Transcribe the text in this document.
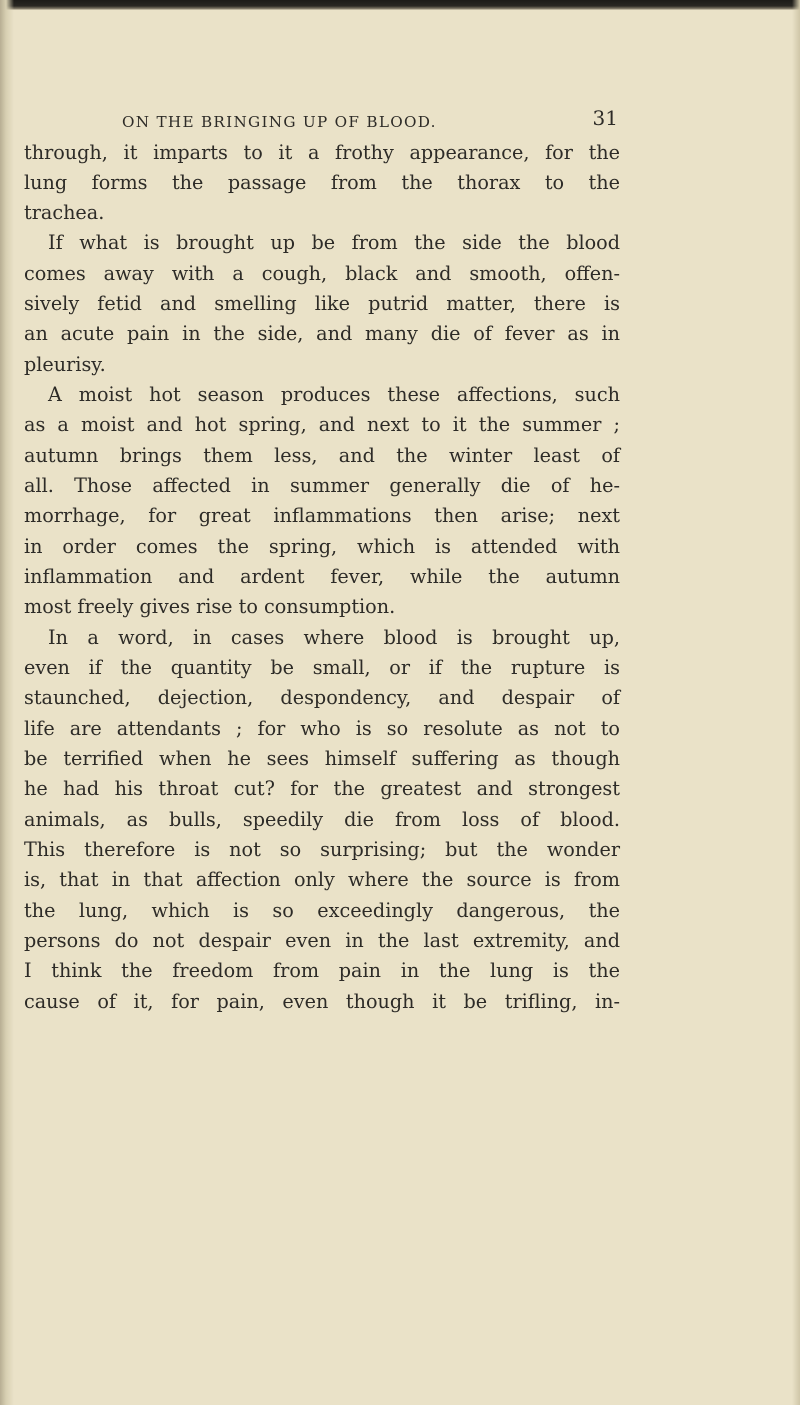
ON THE BRINGING UP OF BLOOD.	31
through, it imparts to it a frothy appearance, for the
lung forms the passage from the thorax to the
trachea.
If what is brought up be from the side the blood
comes away with a cough, black and smooth, offen-
sively fetid and smelling like putrid matter, there is
an acute pain in the side, and many die of fever as in
pleurisy.
A moist hot season produces these affections, such
as a moist and hot spring, and next to it the summer ;
autumn brings them less, and the winter least of
all. Those affected in summer generally die of he-
morrhage, for great inflammations then arise; next
in order comes the spring, which is attended with
inflammation and ardent fever, while the autumn
most freely gives rise to consumption.
In a word, in cases where blood is brought up,
even if the quantity be small, or if the rupture is
staunched, dejection, despondency, and despair of
life are attendants ; for who is so resolute as not to
be terrified when he sees himself suffering as though
he had his throat cut? for the greatest and strongest
animals, as bulls, speedily die from loss of blood.
This therefore is not so surprising; but the wonder
is, that in that affection only where the source is from
the lung, which is so exceedingly dangerous, the
persons do not despair even in the last extremity, and
I think the freedom from pain in the lung is the
cause of it, for pain, even though it be trifling, in-
